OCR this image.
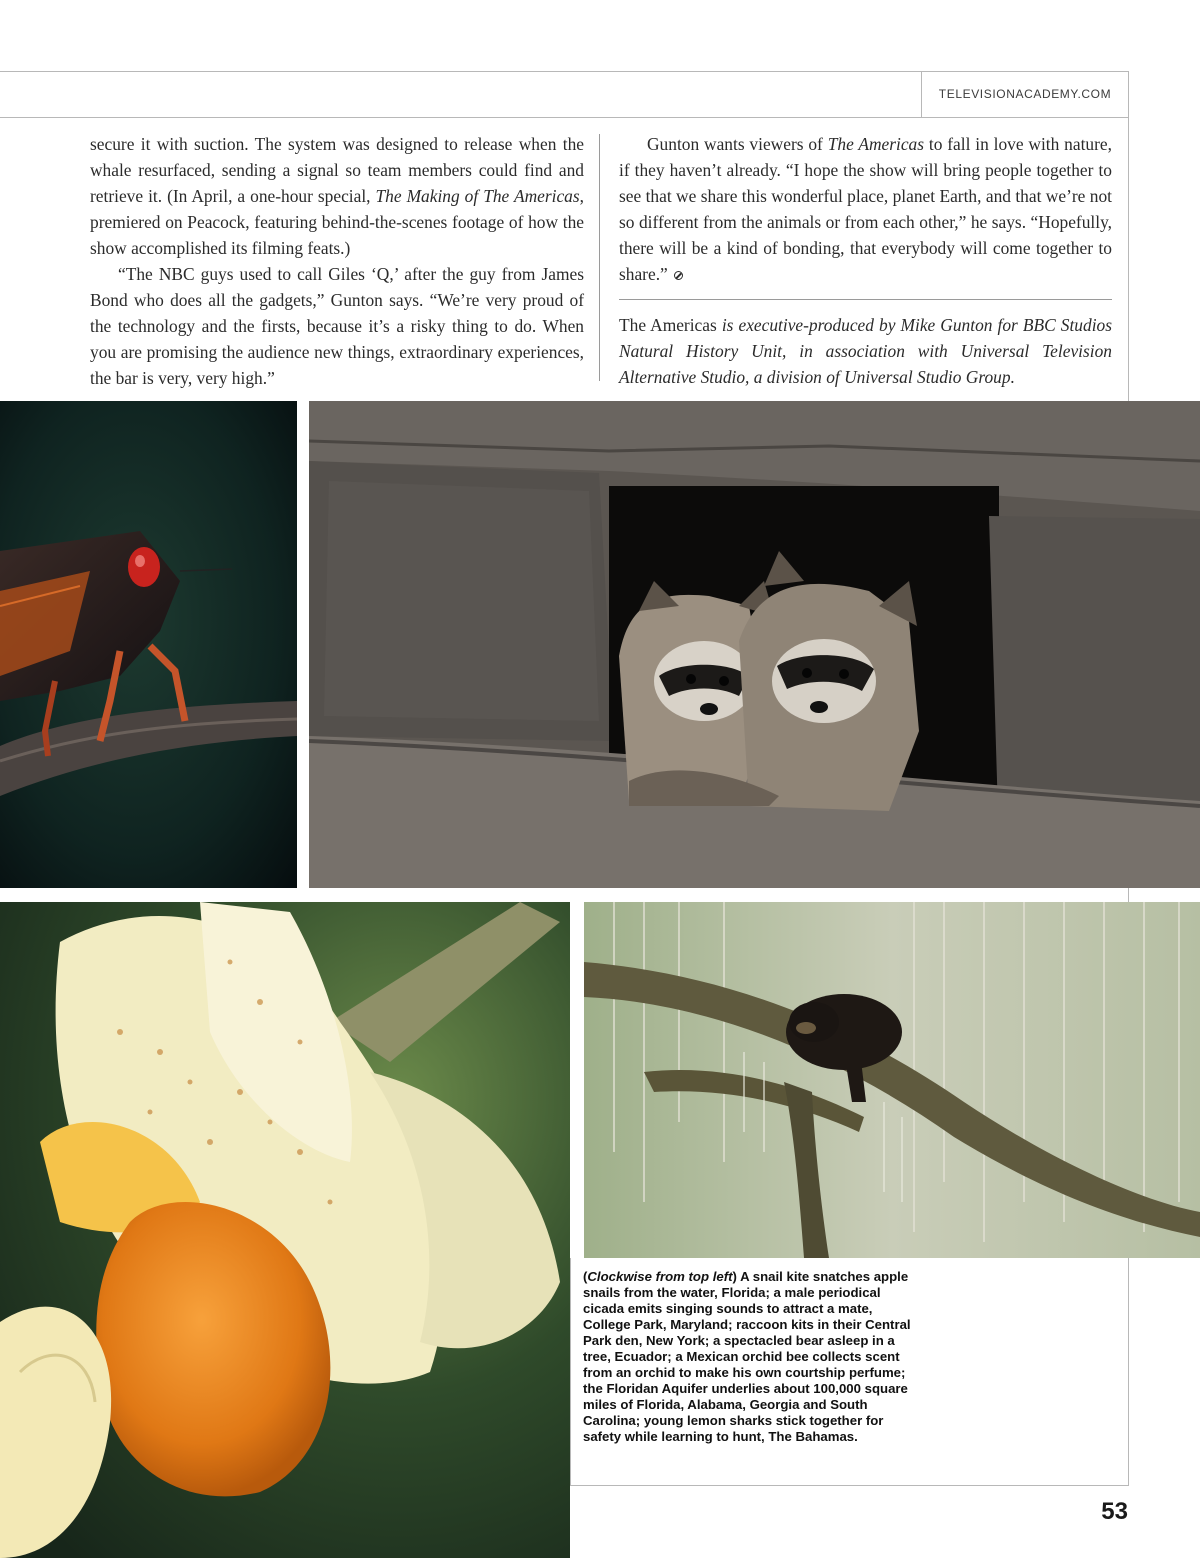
TELEVISIONACADEMY.COM

secure it with suction. The system was designed to release when the whale resurfaced, sending a signal so team members could find and retrieve it. (In April, a one-hour special, The Making of The Americas, premiered on Peacock, featuring behind-the-scenes footage of how the show accomplished its filming feats.)

“The NBC guys used to call Giles ‘Q,’ after the guy from James Bond who does all the gadgets,” Gunton says. “We’re very proud of the technology and the firsts, because it’s a risky thing to do. When you are promising the audience new things, extraordinary experiences, the bar is very, very high.”

Gunton wants viewers of The Americas to fall in love with nature, if they haven’t already. “I hope the show will bring people together to see that we share this wonderful place, planet Earth, and that we’re not so different from the animals or from each other,” he says. “Hopefully, there will be a kind of bonding, that everybody will come together to share.”

The Americas is executive-produced by Mike Gunton for BBC Studios Natural History Unit, in association with Universal Television Alternative Studio, a division of Universal Studio Group.
(Clockwise from top left) A snail kite snatches apple snails from the water, Florida; a male periodical cicada emits singing sounds to attract a mate, College Park, Maryland; raccoon kits in their Central Park den, New York; a spectacled bear asleep in a tree, Ecuador; a Mexican orchid bee collects scent from an orchid to make his own courtship perfume; the Floridan Aquifer underlies about 100,000 square miles of Florida, Alabama, Georgia and South Carolina; young lemon sharks stick together for safety while learning to hunt, The Bahamas.
53
